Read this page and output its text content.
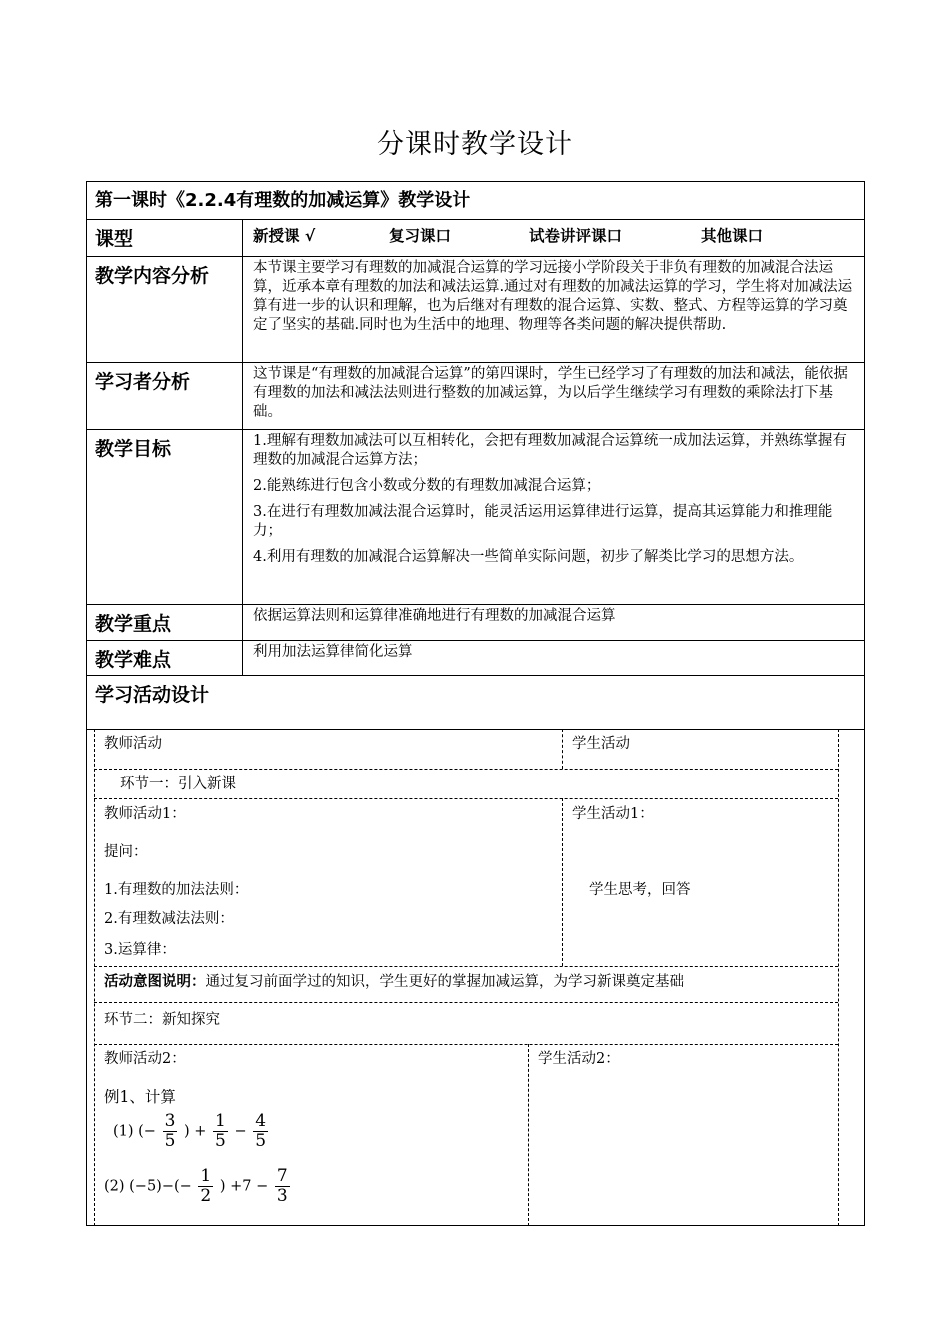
分课时教学设计
第一课时《2.2.4有理数的加减运算》教学设计
课型	新授课 √	复习课口	试卷讲评课口	其他课口
教学内容分析	本节课主要学习有理数的加减混合运算的学习远接小学阶段关于非负有理数的加减混合法运算，近承本章有理数的加法和减法运算.通过对有理数的加减法运算的学习，学生将对加减法运算有进一步的认识和理解，也为后继对有理数的混合运算、实数、整式、方程等运算的学习奠定了坚实的基础.同时也为生活中的地理、物理等各类问题的解决提供帮助.
学习者分析	这节课是“有理数的加减混合运算”的第四课时，学生已经学习了有理数的加法和减法，能依据有理数的加法和减法法则进行整数的加减运算，为以后学生继续学习有理数的乘除法打下基础。
教学目标	1.理解有理数加减法可以互相转化，会把有理数加减混合运算统一成加法运算，并熟练掌握有理数的加减混合运算方法；

2.能熟练进行包含小数或分数的有理数加减混合运算；

3.在进行有理数加减法混合运算时，能灵活运用运算律进行运算，提高其运算能力和推理能力；

4.利用有理数的加减混合运算解决一些简单实际问题，初步了解类比学习的思想方法。

教学重点	依据运算法则和运算律准确地进行有理数的加减混合运算
教学难点	利用加法运算律简化运算
学习活动设计
教师活动	学生活动
环节一：引入新课
教师活动1：
提问：
1.有理数的加法法则：
2.有理数减法法则：
3.运算律：
学生活动1：
学生思考，回答
活动意图说明：通过复习前面学过的知识，学生更好的掌握加减运算，为学习新课奠定基础
环节二：新知探究
教师活动2：	学生活动2：
例1、计算
(1) (− $\frac{3}{5}$ ) + $\frac{1}{5} - \frac{4}{5}$
(2) $(-5)-(- \frac{1}{2}$ ) $+7 - \frac{7}{3}$
